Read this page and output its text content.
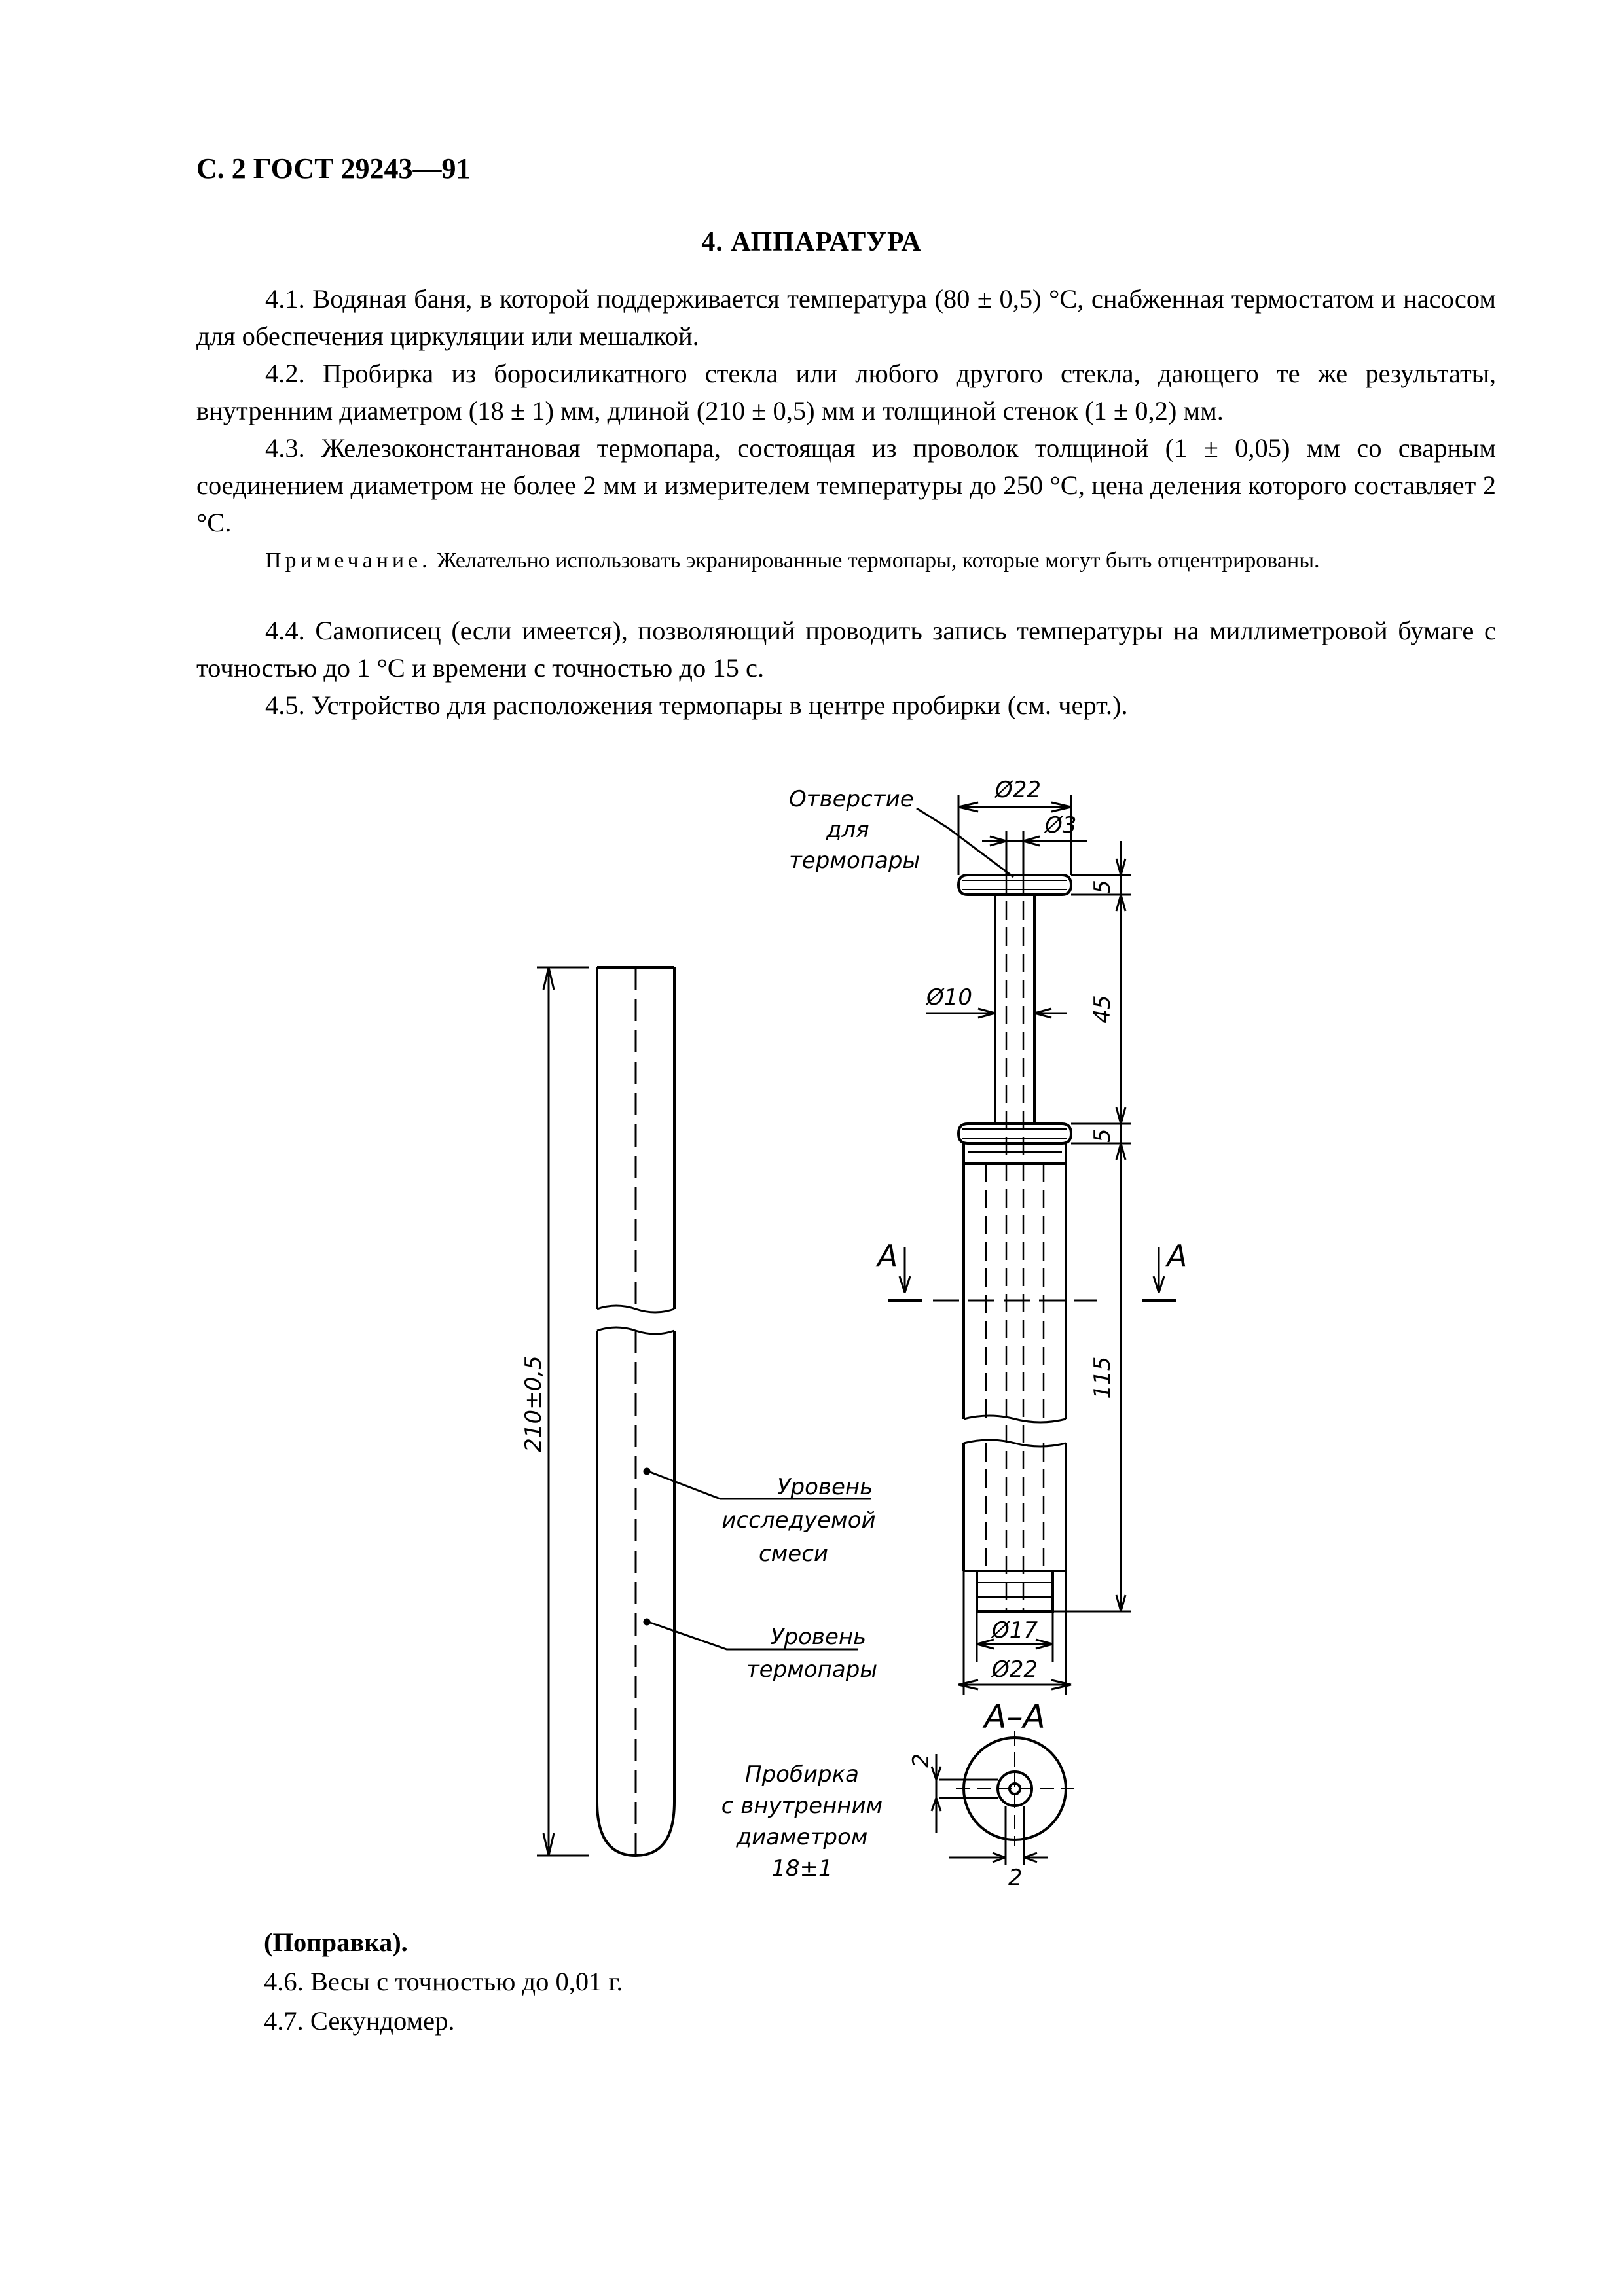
С. 2 ГОСТ 29243—91
4. АППАРАТУРА

4.1. Водяная баня, в которой поддерживается температура (80 ± 0,5) °С, снабженная термостатом и насосом для обеспечения циркуляции или мешалкой.

4.2. Пробирка из боросиликатного стекла или любого другого стекла, дающего те же результаты, внутренним диаметром (18 ± 1) мм, длиной (210 ± 0,5) мм и толщиной стенок (1 ± 0,2) мм.

4.3. Железоконстантановая термопара, состоящая из проволок толщиной (1 ± 0,05) мм со сварным соединением диаметром не более 2 мм и измерителем температуры до 250 °С, цена деления которого составляет 2 °С.

Примечание. Желательно использовать экранированные термопары, которые могут быть отцентрированы.

4.4. Самописец (если имеется), позволяющий проводить запись температуры на миллиметровой бумаге с точностью до 1 °С и времени с точностью до 15 с.

4.5. Устройство для расположения термопары в центре пробирки (см. черт.).

Отверстие
для
термопары
Ø22
Ø3
Ø10
5
45
5
115
Ø17
Ø22
A	A
A–A
2
2
210±0,5
Уровень
исследуемой
смеси
Уровень
термопары
Пробирка
с внутренним
диаметром
18±1
(Поправка).
4.6. Весы с точностью до 0,01 г.
4.7. Секундомер.
